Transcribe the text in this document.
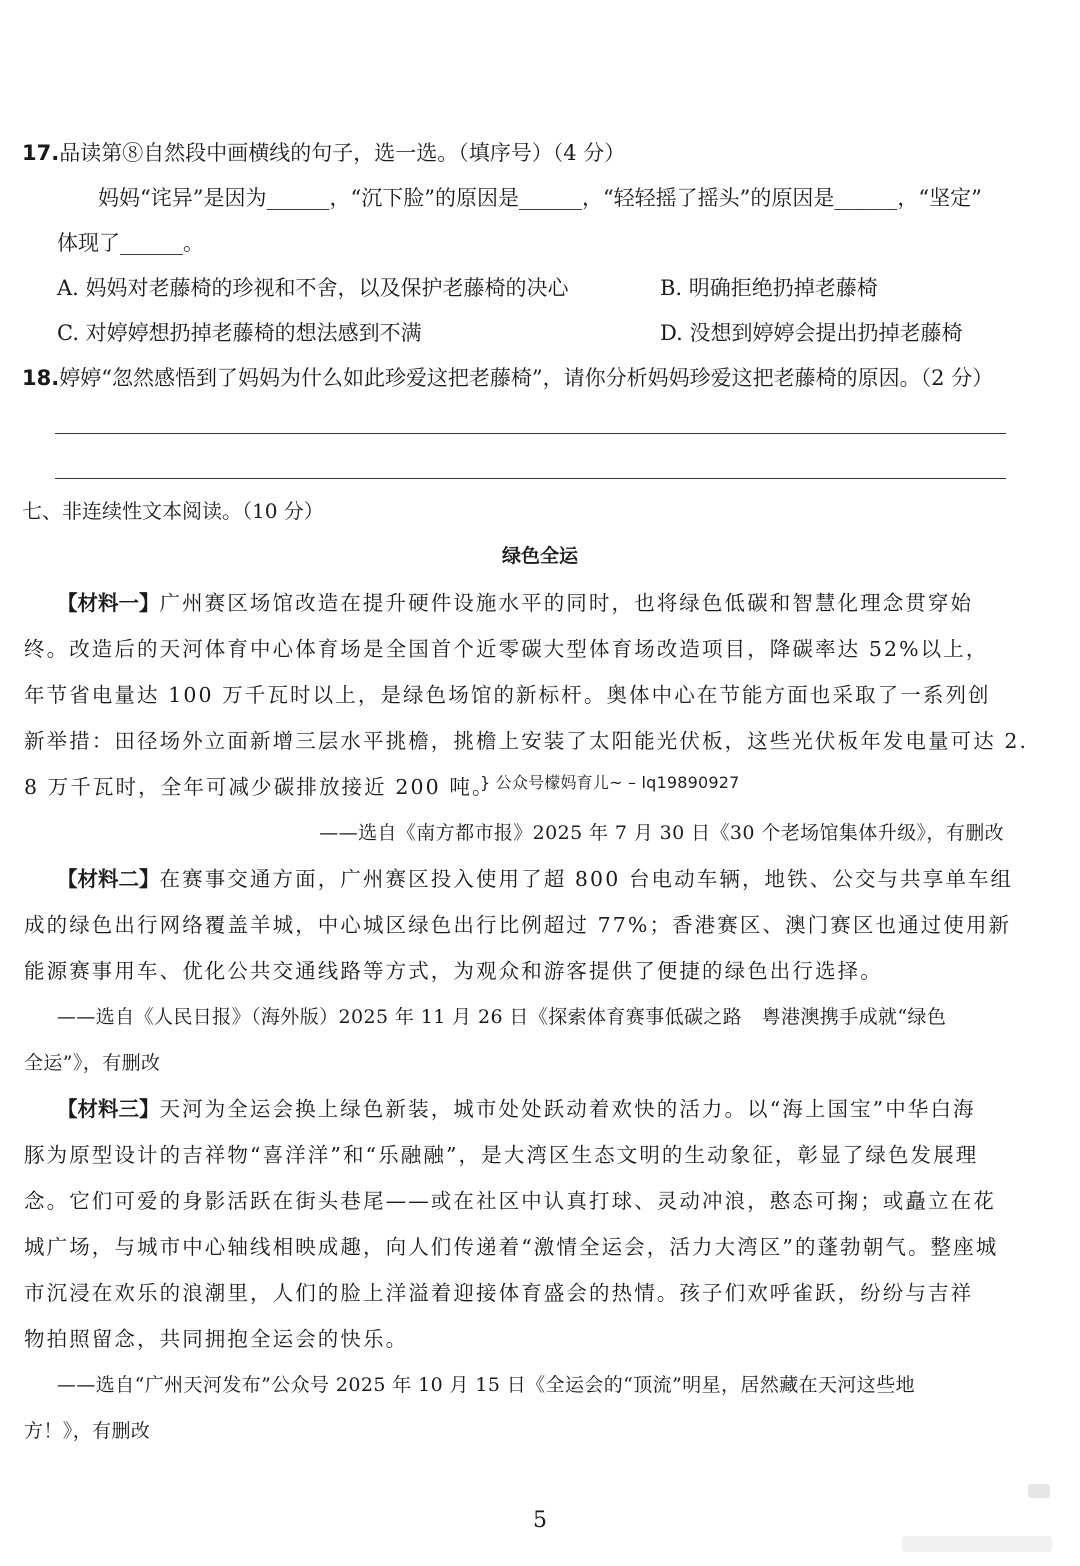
17.品读第⑧自然段中画横线的句子，选一选。（填序号）（4 分）
妈妈“诧异”是因为______，“沉下脸”的原因是______，“轻轻摇了摇头”的原因是______，“坚定”
体现了______。
A. 妈妈对老藤椅的珍视和不舍，以及保护老藤椅的决心	B. 明确拒绝扔掉老藤椅
C. 对婷婷想扔掉老藤椅的想法感到不满	D. 没想到婷婷会提出扔掉老藤椅
18.婷婷“忽然感悟到了妈妈为什么如此珍爱这把老藤椅”，请你分析妈妈珍爱这把老藤椅的原因。（2 分）
七、非连续性文本阅读。（10 分）
绿色全运
【材料一】广州赛区场馆改造在提升硬件设施水平的同时，也将绿色低碳和智慧化理念贯穿始
终。改造后的天河体育中心体育场是全国首个近零碳大型体育场改造项目，降碳率达 52%以上，
年节省电量达 100 万千瓦时以上，是绿色场馆的新标杆。奥体中心在节能方面也采取了一系列创
新举措：田径场外立面新增三层水平挑檐，挑檐上安装了太阳能光伏板，这些光伏板年发电量可达 2.
8 万千瓦时，全年可减少碳排放接近 200 吨。
} 公众号檬妈育儿~ – lq19890927
——选自《南方都市报》2025 年 7 月 30 日《30 个老场馆集体升级》，有删改
【材料二】在赛事交通方面，广州赛区投入使用了超 800 台电动车辆，地铁、公交与共享单车组
成的绿色出行网络覆盖羊城，中心城区绿色出行比例超过 77%；香港赛区、澳门赛区也通过使用新
能源赛事用车、优化公共交通线路等方式，为观众和游客提供了便捷的绿色出行选择。
——选自《人民日报》（海外版）2025 年 11 月 26 日《探索体育赛事低碳之路　粤港澳携手成就“绿色
全运”》，有删改
【材料三】天河为全运会换上绿色新装，城市处处跃动着欢快的活力。以“海上国宝”中华白海
豚为原型设计的吉祥物“喜洋洋”和“乐融融”，是大湾区生态文明的生动象征，彰显了绿色发展理
念。它们可爱的身影活跃在街头巷尾——或在社区中认真打球、灵动冲浪，憨态可掬；或矗立在花
城广场，与城市中心轴线相映成趣，向人们传递着“激情全运会，活力大湾区”的蓬勃朝气。整座城
市沉浸在欢乐的浪潮里，人们的脸上洋溢着迎接体育盛会的热情。孩子们欢呼雀跃，纷纷与吉祥
物拍照留念，共同拥抱全运会的快乐。
——选自“广州天河发布”公众号 2025 年 10 月 15 日《全运会的“顶流”明星，居然藏在天河这些地
方！》，有删改
5
